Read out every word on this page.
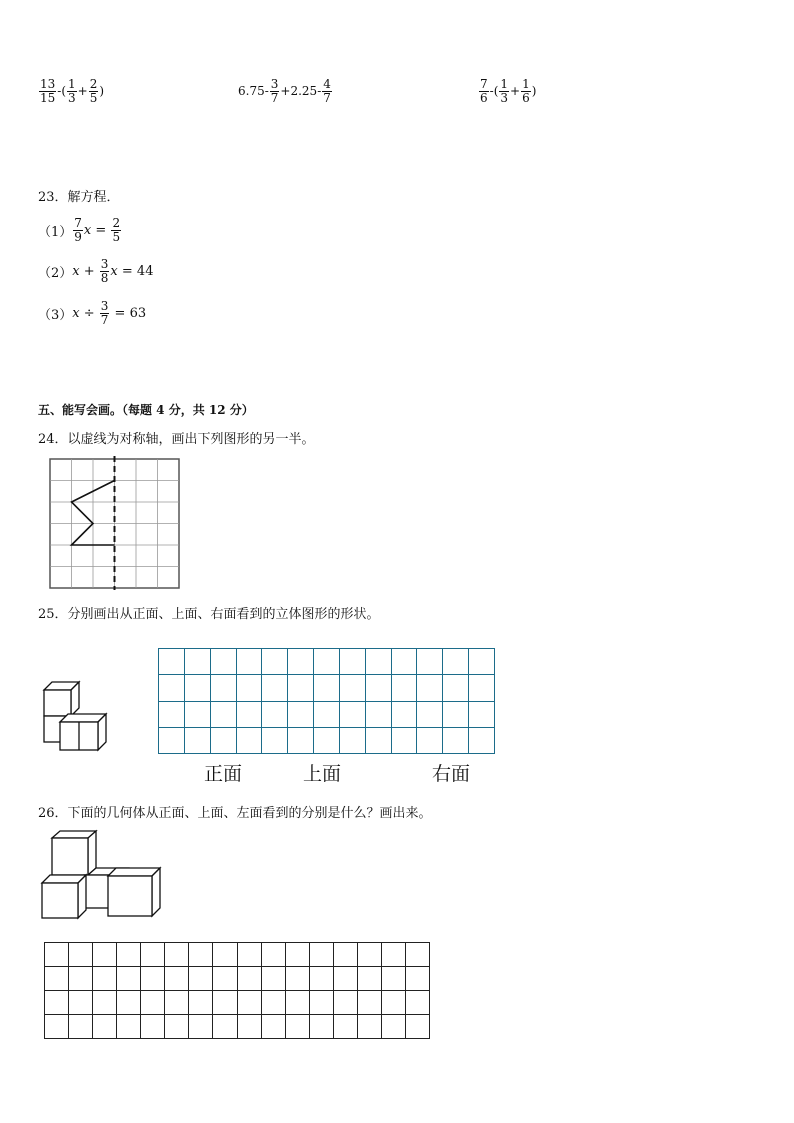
$\frac{13}{15}$ -( $\frac{1}{3} + \frac{2}{5}$ )	$6.75- \frac{3}{7} +2.25- \frac{4}{7}$	$\frac{7}{6}$ -( $\frac{1}{3} + \frac{1}{6}$ )
23．解方程．
$(1) \frac{7}{9}$ $x = \frac{2}{5}$
（2） $x + \frac{3}{8}$ x = 44
（3） $x \div \frac{3}{7} = 63$
五、能写会画。（每题 4 分，共 12 分）
24．以虚线为对称轴，画出下列图形的另一半。
25．分别画出从正面、上面、右面看到的立体图形的形状。

正面	上面	右面
26．下面的几何体从正面、上面、左面看到的分别是什么？画出来。
